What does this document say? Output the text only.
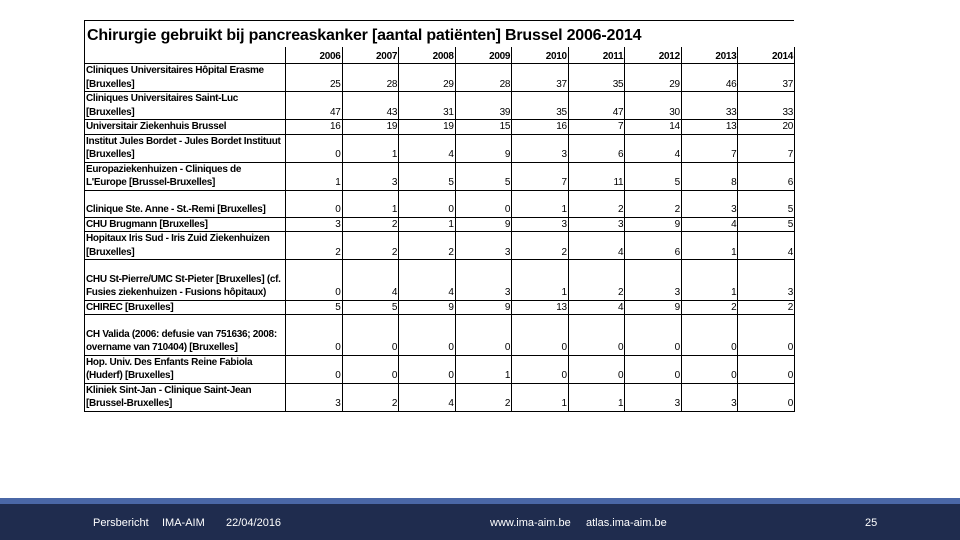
Chirurgie gebruikt bij pancreaskanker [aantal patiënten] Brussel 2006-2014
	2006	2007	2008	2009	2010	2011	2012	2013	2014
Cliniques Universitaires Hôpital Erasme [Bruxelles]	25	28	29	28	37	35	29	46	37
Cliniques Universitaires Saint-Luc [Bruxelles]	47	43	31	39	35	47	30	33	33
Universitair Ziekenhuis Brussel	16	19	19	15	16	7	14	13	20
Institut Jules Bordet - Jules Bordet Instituut [Bruxelles]	0	1	4	9	3	6	4	7	7
Europaziekenhuizen - Cliniques de L'Europe [Brussel-Bruxelles]	1	3	5	5	7	11	5	8	6
Clinique Ste. Anne - St.-Remi [Bruxelles]	0	1	0	0	1	2	2	3	5
CHU Brugmann [Bruxelles]	3	2	1	9	3	3	9	4	5
Hopitaux Iris Sud - Iris Zuid Ziekenhuizen [Bruxelles]	2	2	2	3	2	4	6	1	4
CHU St-Pierre/UMC St-Pieter [Bruxelles] (cf. Fusies ziekenhuizen - Fusions hôpitaux)	0	4	4	3	1	2	3	1	3
CHIREC [Bruxelles]	5	5	9	9	13	4	9	2	2
CH Valida (2006: defusie van 751636; 2008: overname van 710404) [Bruxelles]	0	0	0	0	0	0	0	0	0
Hop. Univ. Des Enfants Reine Fabiola (Huderf) [Bruxelles]	0	0	0	1	0	0	0	0	0
Kliniek Sint-Jan - Clinique Saint-Jean [Brussel-Bruxelles]	3	2	4	2	1	1	3	3	0
Persbericht IMA-AIM 22/04/2016	www.ima-aim.be atlas.ima-aim.be	25
